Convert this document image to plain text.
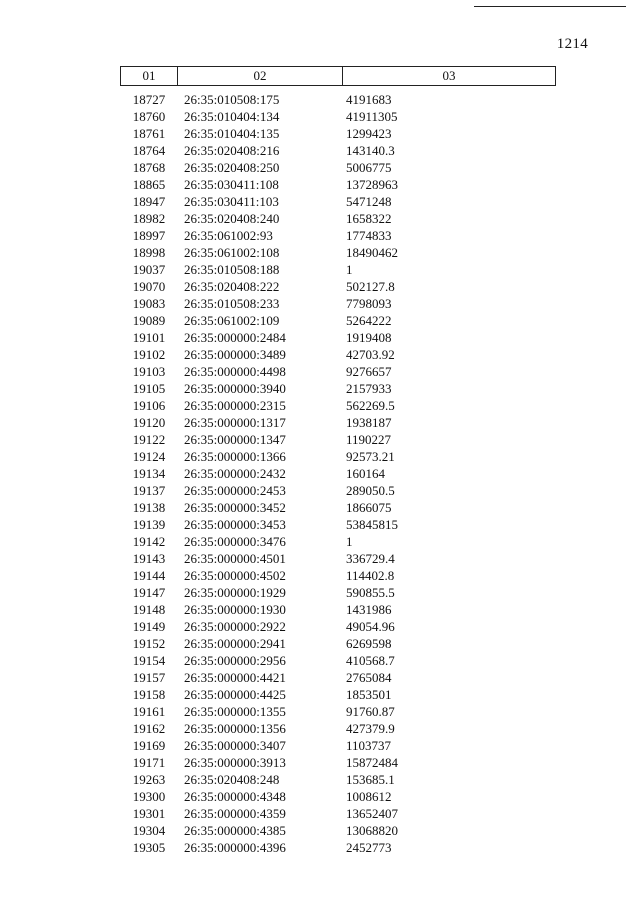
1214
01	02	03
18727	26:35:010508:175	4191683
18760	26:35:010404:134	41911305
18761	26:35:010404:135	1299423
18764	26:35:020408:216	143140.3
18768	26:35:020408:250	5006775
18865	26:35:030411:108	13728963
18947	26:35:030411:103	5471248
18982	26:35:020408:240	1658322
18997	26:35:061002:93	1774833
18998	26:35:061002:108	18490462
19037	26:35:010508:188	1
19070	26:35:020408:222	502127.8
19083	26:35:010508:233	7798093
19089	26:35:061002:109	5264222
19101	26:35:000000:2484	1919408
19102	26:35:000000:3489	42703.92
19103	26:35:000000:4498	9276657
19105	26:35:000000:3940	2157933
19106	26:35:000000:2315	562269.5
19120	26:35:000000:1317	1938187
19122	26:35:000000:1347	1190227
19124	26:35:000000:1366	92573.21
19134	26:35:000000:2432	160164
19137	26:35:000000:2453	289050.5
19138	26:35:000000:3452	1866075
19139	26:35:000000:3453	53845815
19142	26:35:000000:3476	1
19143	26:35:000000:4501	336729.4
19144	26:35:000000:4502	114402.8
19147	26:35:000000:1929	590855.5
19148	26:35:000000:1930	1431986
19149	26:35:000000:2922	49054.96
19152	26:35:000000:2941	6269598
19154	26:35:000000:2956	410568.7
19157	26:35:000000:4421	2765084
19158	26:35:000000:4425	1853501
19161	26:35:000000:1355	91760.87
19162	26:35:000000:1356	427379.9
19169	26:35:000000:3407	1103737
19171	26:35:000000:3913	15872484
19263	26:35:020408:248	153685.1
19300	26:35:000000:4348	1008612
19301	26:35:000000:4359	13652407
19304	26:35:000000:4385	13068820
19305	26:35:000000:4396	2452773
